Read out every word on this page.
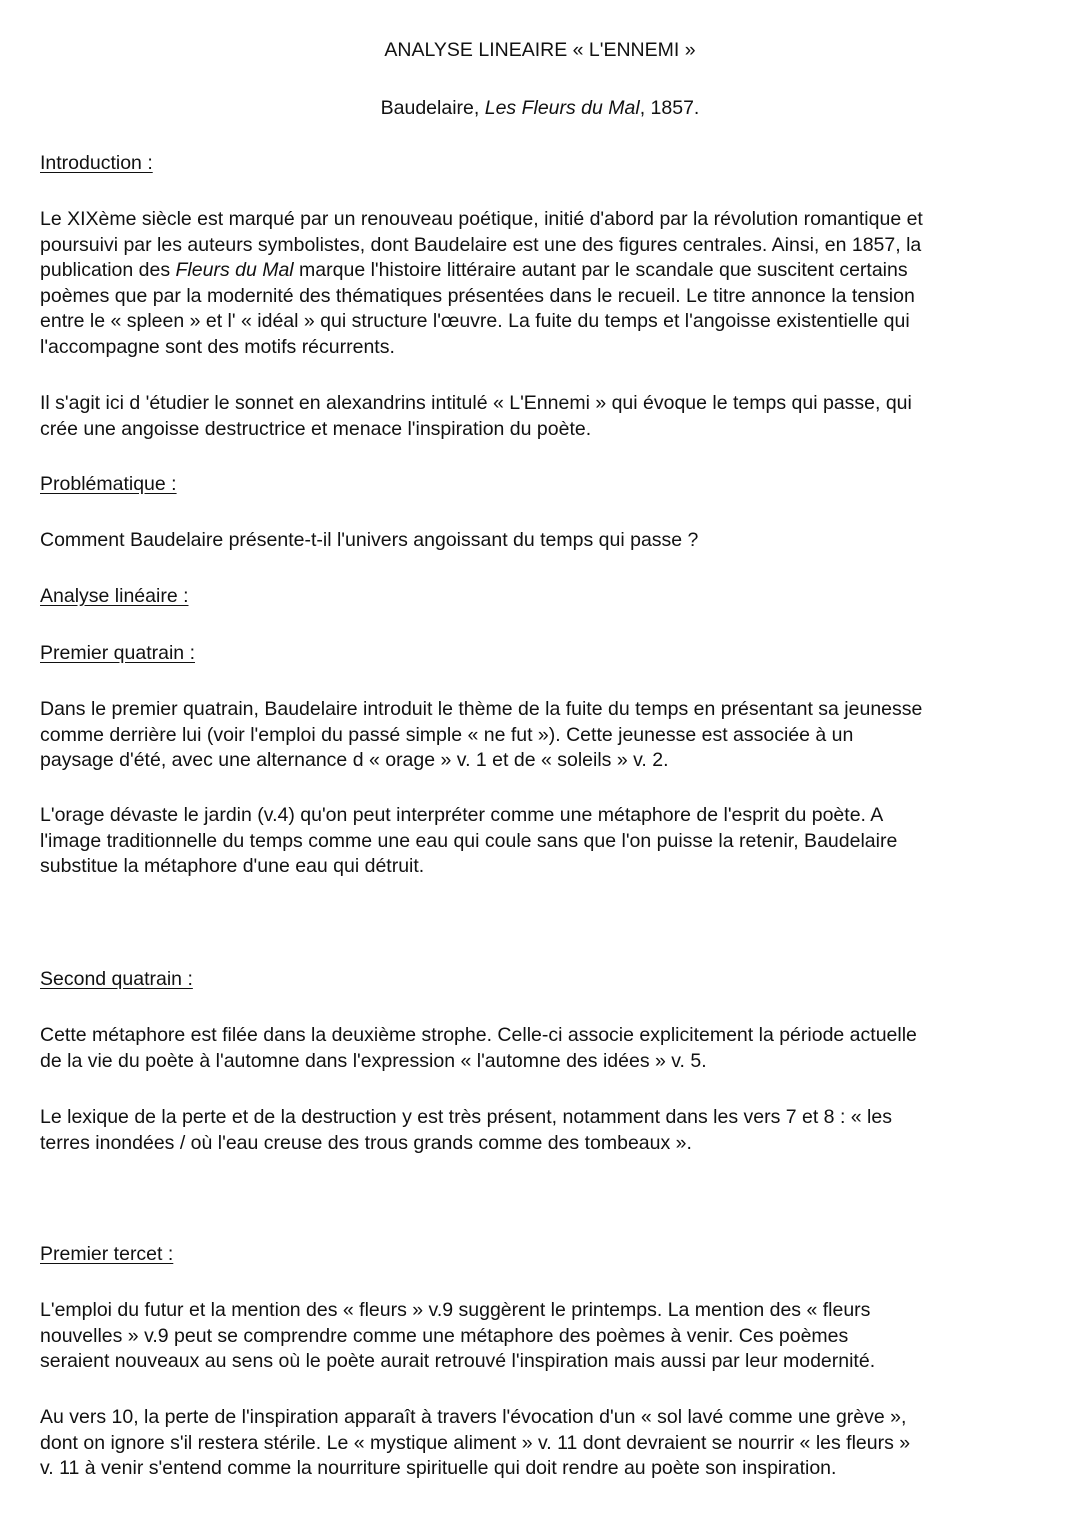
ANALYSE LINEAIRE « L'ENNEMI »

Baudelaire, Les Fleurs du Mal, 1857.

Introduction :

Le XIXème siècle est marqué par un renouveau poétique, initié d'abord par la révolution romantique et
poursuivi par les auteurs symbolistes, dont Baudelaire est une des figures centrales. Ainsi, en 1857, la
publication des Fleurs du Mal marque l'histoire littéraire autant par le scandale que suscitent certains
poèmes que par la modernité des thématiques présentées dans le recueil. Le titre annonce la tension
entre le « spleen » et l' « idéal » qui structure l'œuvre. La fuite du temps et l'angoisse existentielle qui
l'accompagne sont des motifs récurrents.

Il s'agit ici d 'étudier le sonnet en alexandrins intitulé « L'Ennemi » qui évoque le temps qui passe, qui
crée une angoisse destructrice et menace l'inspiration du poète.

Problématique :

Comment Baudelaire présente-t-il l'univers angoissant du temps qui passe ?

Analyse linéaire :
Premier quatrain :

Dans le premier quatrain, Baudelaire introduit le thème de la fuite du temps en présentant sa jeunesse
comme derrière lui (voir l'emploi du passé simple « ne fut »). Cette jeunesse est associée à un
paysage d'été, avec une alternance d « orage » v. 1 et de « soleils » v. 2.

L'orage dévaste le jardin (v.4) qu'on peut interpréter comme une métaphore de l'esprit du poète. A
l'image traditionnelle du temps comme une eau qui coule sans que l'on puisse la retenir, Baudelaire
substitue la métaphore d'une eau qui détruit.

Second quatrain :

Cette métaphore est filée dans la deuxième strophe. Celle-ci associe explicitement la période actuelle
de la vie du poète à l'automne dans l'expression « l'automne des idées » v. 5.

Le lexique de la perte et de la destruction y est très présent, notamment dans les vers 7 et 8 : « les
terres inondées / où l'eau creuse des trous grands comme des tombeaux ».

Premier tercet :

L'emploi du futur et la mention des « fleurs » v.9 suggèrent le printemps. La mention des « fleurs
nouvelles » v.9 peut se comprendre comme une métaphore des poèmes à venir. Ces poèmes
seraient nouveaux au sens où le poète aurait retrouvé l'inspiration mais aussi par leur modernité.

Au vers 10, la perte de l'inspiration apparaît à travers l'évocation d'un « sol lavé comme une grève »,
dont on ignore s'il restera stérile. Le « mystique aliment » v. 11 dont devraient se nourrir « les fleurs »
v. 11 à venir s'entend comme la nourriture spirituelle qui doit rendre au poète son inspiration.
